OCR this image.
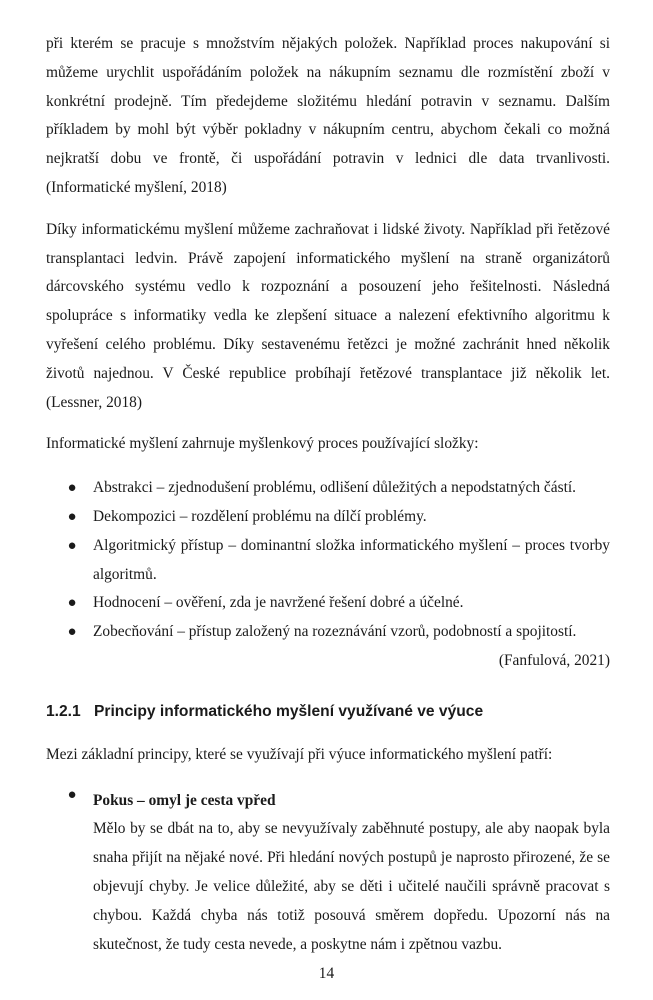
při kterém se pracuje s množstvím nějakých položek. Například proces nakupování si můžeme urychlit uspořádáním položek na nákupním seznamu dle rozmístění zboží v konkrétní prodejně. Tím předejdeme složitému hledání potravin v seznamu. Dalším příkladem by mohl být výběr pokladny v nákupním centru, abychom čekali co možná nejkratší dobu ve frontě, či uspořádání potravin v lednici dle data trvanlivosti. (Informatické myšlení, 2018)

Díky informatickému myšlení můžeme zachraňovat i lidské životy. Například při řetězové transplantaci ledvin. Právě zapojení informatického myšlení na straně organizátorů dárcovského systému vedlo k rozpoznání a posouzení jeho řešitelnosti. Následná spolupráce s informatiky vedla ke zlepšení situace a nalezení efektivního algoritmu k vyřešení celého problému. Díky sestavenému řetězci je možné zachránit hned několik životů najednou. V České republice probíhají řetězové transplantace již několik let. (Lessner, 2018)

Informatické myšlení zahrnuje myšlenkový proces používající složky:

● Abstrakci – zjednodušení problému, odlišení důležitých a nepodstatných částí.
● Dekompozici – rozdělení problému na dílčí problémy.
● Algoritmický přístup – dominantní složka informatického myšlení – proces tvorby algoritmů.
● Hodnocení – ověření, zda je navržené řešení dobré a účelné.
● Zobecňování – přístup založený na rozeznávání vzorů, podobností a spojitostí.

(Fanfulová, 2021)

1.2.1 Principy informatického myšlení využívané ve výuce

Mezi základní principy, které se využívají při výuce informatického myšlení patří:

● Pokus – omyl je cesta vpřed

Mělo by se dbát na to, aby se nevyužívaly zaběhnuté postupy, ale aby naopak byla snaha přijít na nějaké nové. Při hledání nových postupů je naprosto přirozené, že se objevují chyby. Je velice důležité, aby se děti i učitelé naučili správně pracovat s chybou. Každá chyba nás totiž posouvá směrem dopředu. Upozorní nás na skutečnost, že tudy cesta nevede, a poskytne nám i zpětnou vazbu.

14
